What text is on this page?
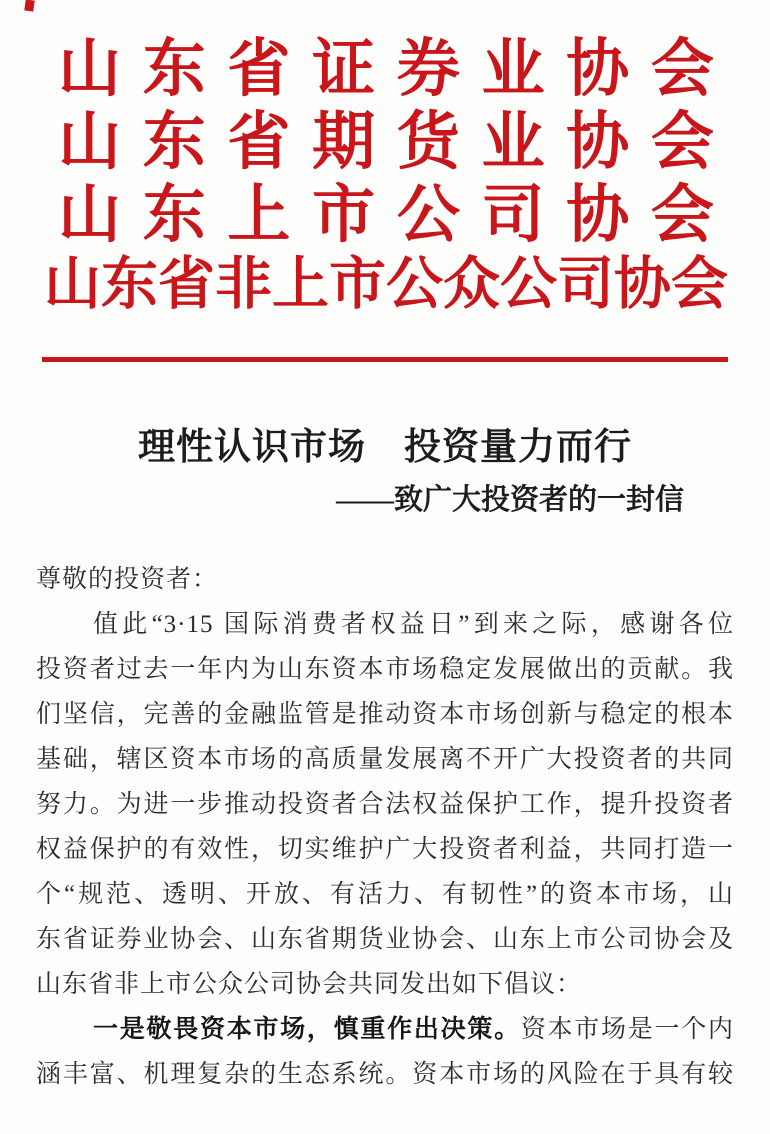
山 东 省 证 券 业 协 会
山 东 省 期 货 业 协 会
山 东 上 市 公 司 协 会
山 东 省 非 上 市 公 众 公 司 协 会
理性认识市场　投资量力而行
——致广大投资者的一封信
尊敬的投资者：
值此“3·15 国际消费者权益日”到来之际，感谢各位
投资者过去一年内为山东资本市场稳定发展做出的贡献。我
们坚信，完善的金融监管是推动资本市场创新与稳定的根本
基础，辖区资本市场的高质量发展离不开广大投资者的共同
努力。为进一步推动投资者合法权益保护工作，提升投资者
权益保护的有效性，切实维护广大投资者利益，共同打造一
个“规范、透明、开放、有活力、有韧性”的资本市场，山
东省证券业协会、山东省期货业协会、山东上市公司协会及
山东省非上市公众公司协会共同发出如下倡议：
一是敬畏资本市场，慎重作出决策。资本市场是一个内
涵丰富、机理复杂的生态系统。资本市场的风险在于具有较
